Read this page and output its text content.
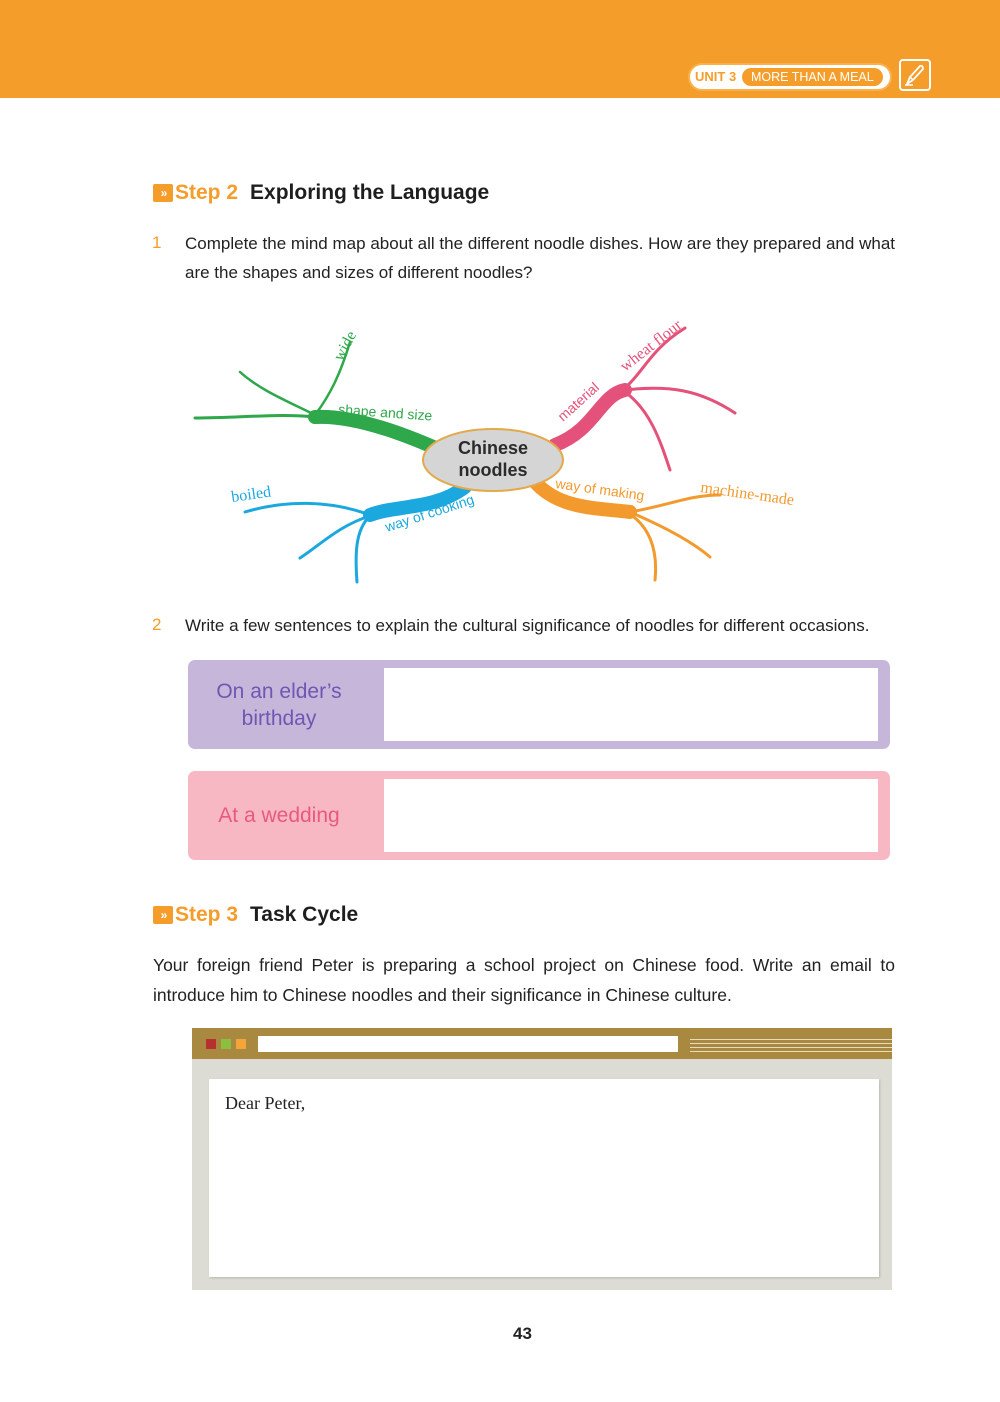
UNIT 3	MORE THAN A MEAL
» Step 2 Exploring the Language
1 Complete the mind map about all the different noodle dishes. How are they prepared and what are the shapes and sizes of different noodles?
Chinese
noodles
shape and size
wide
material
wheat flour
way of making	machine-made
way of cooking
boiled
2 Write a few sentences to explain the cultural significance of noodles for different occasions.
On an elder’s birthday
At a wedding
» Step 3 Task Cycle
Your foreign friend Peter is preparing a school project on Chinese food. Write an email to introduce him to Chinese noodles and their significance in Chinese culture.
Dear Peter,
43
